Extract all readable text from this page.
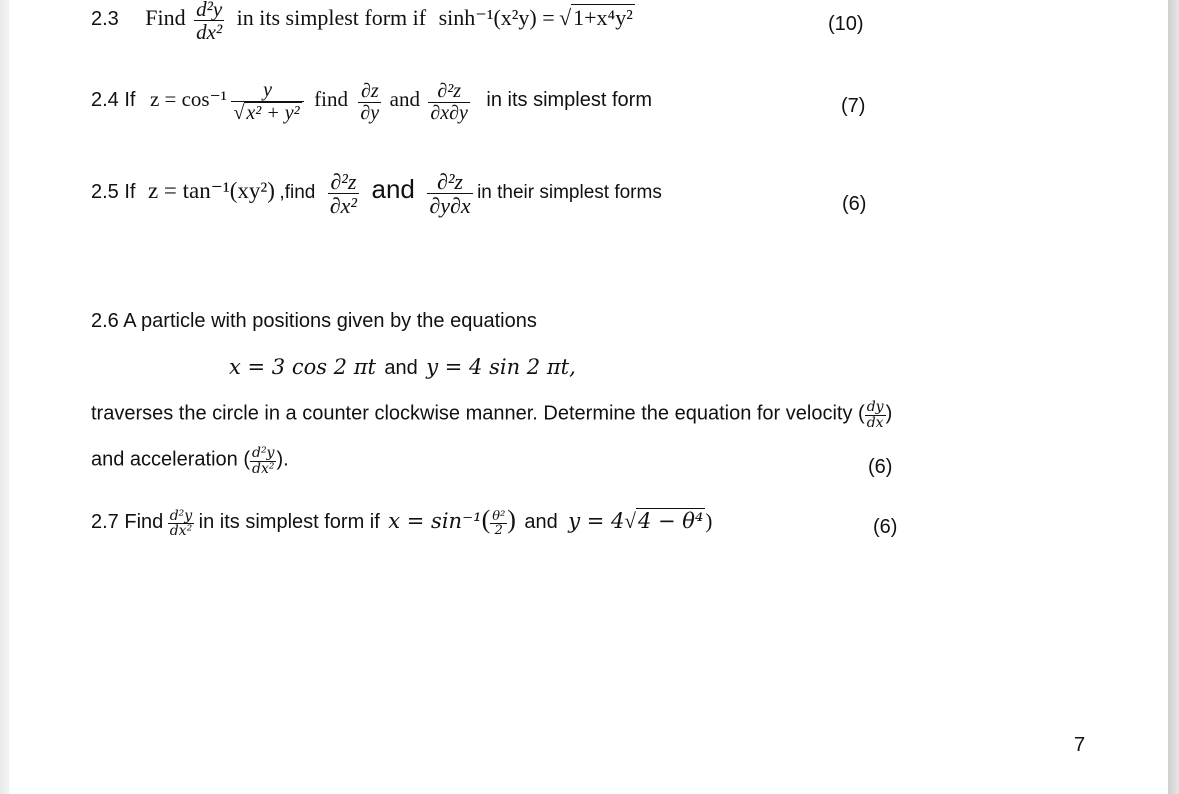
2.3 Find $\frac{\text{d²y}}{\text{dx²}}$ in its simplest form if sinh⁻¹(x²y) = √1+x⁴y²	(10)
2.4 If $z = \cos^{-1} \frac{y}{\text{√ x² + y²}}$ find $\frac{\partial z}{\partial y}$ and $\frac{\text{∂²z}}{\partial x\partial y}$ in its simplest form	(7)
2.5 If z = tan⁻¹(xy²) ,find $\frac{\text{∂²z}}{\text{∂x²}}$ and $\frac{\text{∂²z}}{\partial y\partial x}$ in their simplest forms
(6)
2.6 A particle with positions given by the equations
x = 3 cos 2 πt and y = 4 sin 2 πt,
traverses the circle in a counter clockwise manner. Determine the equation for velocity ( $\frac{dy}{dx}$ )
and acceleration ( $\frac{\text{d²y}}{\text{dx²}}$ ).	(6)
2.7 Find $\frac{\text{d²y}}{\text{dx²}}$ in its simplest form if $x = \sin^{-1}( \frac{\text{θ²}}{2}$ ) and y = 4√4 − θ⁴)	(6)
7
